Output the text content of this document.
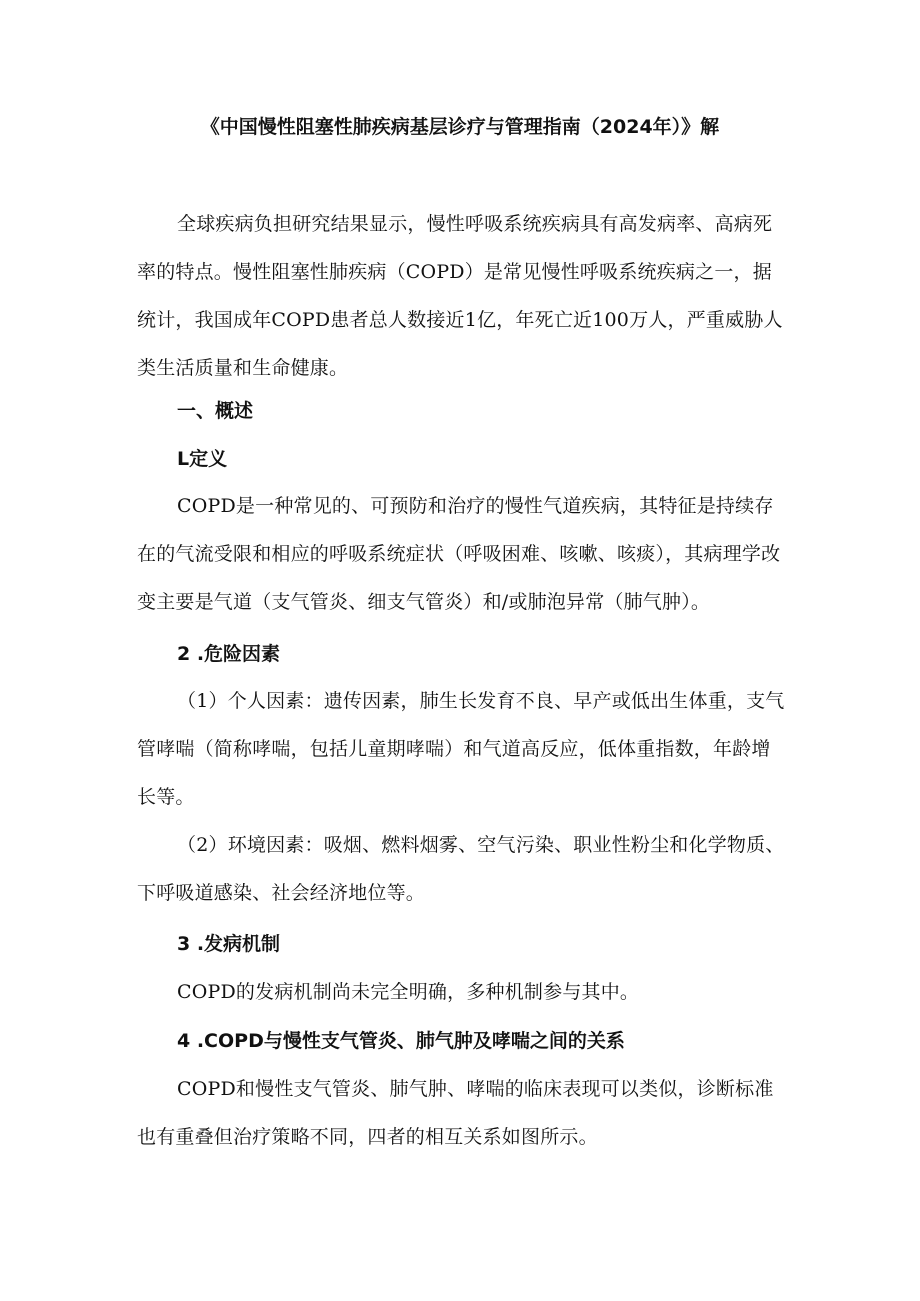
《中国慢性阻塞性肺疾病基层诊疗与管理指南（2024年）》解

全球疾病负担研究结果显示，慢性呼吸系统疾病具有高发病率、高病死率的特点。慢性阻塞性肺疾病（COPD）是常见慢性呼吸系统疾病之一，据统计，我国成年COPD患者总人数接近1亿，年死亡近100万人，严重威胁人类生活质量和生命健康。

一、概述
L定义

COPD是一种常见的、可预防和治疗的慢性气道疾病，其特征是持续存在的气流受限和相应的呼吸系统症状（呼吸困难、咳嗽、咳痰），其病理学改变主要是气道（支气管炎、细支气管炎）和/或肺泡异常（肺气肿）。

2 .危险因素

（1）个人因素：遗传因素，肺生长发育不良、早产或低出生体重，支气管哮喘（简称哮喘，包括儿童期哮喘）和气道高反应，低体重指数，年龄增长等。

（2）环境因素：吸烟、燃料烟雾、空气污染、职业性粉尘和化学物质、下呼吸道感染、社会经济地位等。

3 .发病机制

COPD的发病机制尚未完全明确，多种机制参与其中。

4 .COPD与慢性支气管炎、肺气肿及哮喘之间的关系

COPD和慢性支气管炎、肺气肿、哮喘的临床表现可以类似，诊断标准也有重叠但治疗策略不同，四者的相互关系如图所示。
